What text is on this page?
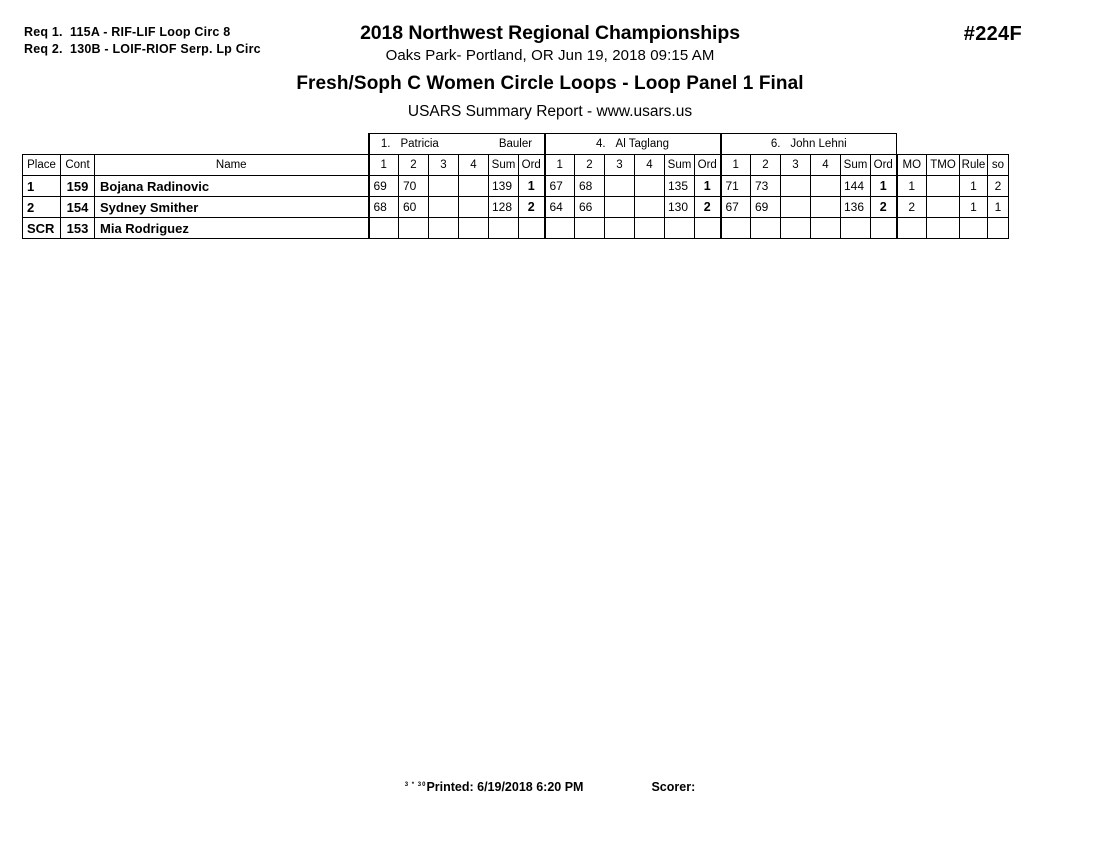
Req 1.  115A - RIF-LIF Loop Circ 8
Req 2.  130B - LOIF-RIOF Serp. Lp Circ
#224F
2018 Northwest Regional Championships
Oaks Park- Portland, OR Jun 19, 2018 09:15 AM
Fresh/Soph C Women Circle Loops - Loop Panel 1 Final
USARS Summary Report - www.usars.us
			1. Patricia Bauler						4. Al Taglang						6. John Lehni									
Place	Cont	Name	1	2	3	4	Sum	Ord	1	2	3	4	Sum	Ord	1	2	3	4	Sum	Ord	MO	TMO	Rule	so
1	159	Bojana Radinovic	69	70			139	1	67	68			135	1	71	73			144	1	1		1	2
2	154	Sydney Smither	68	60			128	2	64	66			130	2	67	69			136	2	2		1	1
SCR	153	Mia Rodriguez																						
$^{3 * 30}$Printed: 6/19/2018 6:20 PM	Scorer:
